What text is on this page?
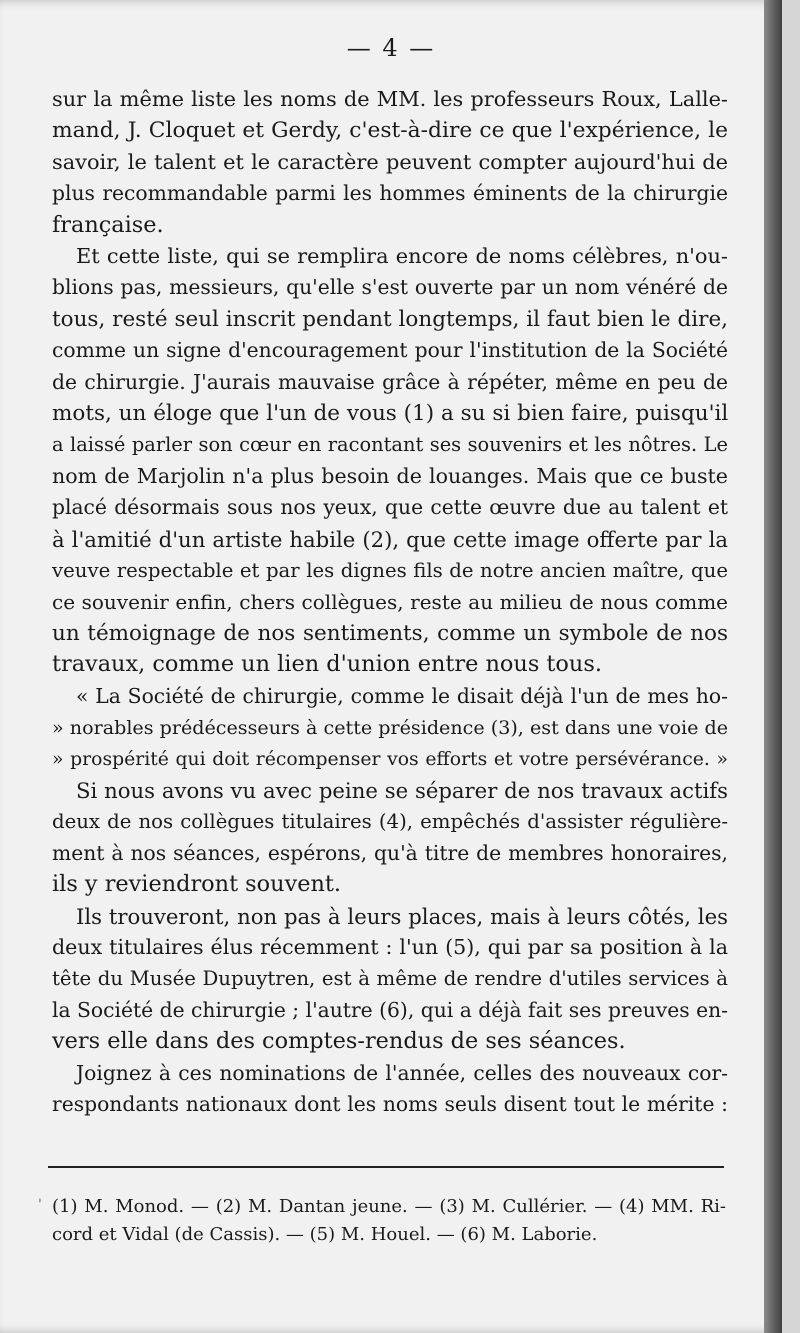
— 4 —
sur la même liste les noms de MM. les professeurs Roux, Lalle-
mand, J. Cloquet et Gerdy, c'est-à-dire ce que l'expérience, le
savoir, le talent et le caractère peuvent compter aujourd'hui de
plus recommandable parmi les hommes éminents de la chirurgie
française.
Et cette liste, qui se remplira encore de noms célèbres, n'ou-
blions pas, messieurs, qu'elle s'est ouverte par un nom vénéré de
tous, resté seul inscrit pendant longtemps, il faut bien le dire,
comme un signe d'encouragement pour l'institution de la Société
de chirurgie. J'aurais mauvaise grâce à répéter, même en peu de
mots, un éloge que l'un de vous (1) a su si bien faire, puisqu'il
a laissé parler son cœur en racontant ses souvenirs et les nôtres. Le
nom de Marjolin n'a plus besoin de louanges. Mais que ce buste
placé désormais sous nos yeux, que cette œuvre due au talent et
à l'amitié d'un artiste habile (2), que cette image offerte par la
veuve respectable et par les dignes fils de notre ancien maître, que
ce souvenir enfin, chers collègues, reste au milieu de nous comme
un témoignage de nos sentiments, comme un symbole de nos
travaux, comme un lien d'union entre nous tous.
« La Société de chirurgie, comme le disait déjà l'un de mes ho-
» norables prédécesseurs à cette présidence (3), est dans une voie de
» prospérité qui doit récompenser vos efforts et votre persévérance. »
Si nous avons vu avec peine se séparer de nos travaux actifs
deux de nos collègues titulaires (4), empêchés d'assister régulière-
ment à nos séances, espérons, qu'à titre de membres honoraires,
ils y reviendront souvent.
Ils trouveront, non pas à leurs places, mais à leurs côtés, les
deux titulaires élus récemment : l'un (5), qui par sa position à la
tête du Musée Dupuytren, est à même de rendre d'utiles services à
la Société de chirurgie ; l'autre (6), qui a déjà fait ses preuves en-
vers elle dans des comptes-rendus de ses séances.
Joignez à ces nominations de l'année, celles des nouveaux cor-
respondants nationaux dont les noms seuls disent tout le mérite :
' (1) M. Monod. — (2) M. Dantan jeune. — (3) M. Cullérier. — (4) MM. Ri-
cord et Vidal (de Cassis). — (5) M. Houel. — (6) M. Laborie.
